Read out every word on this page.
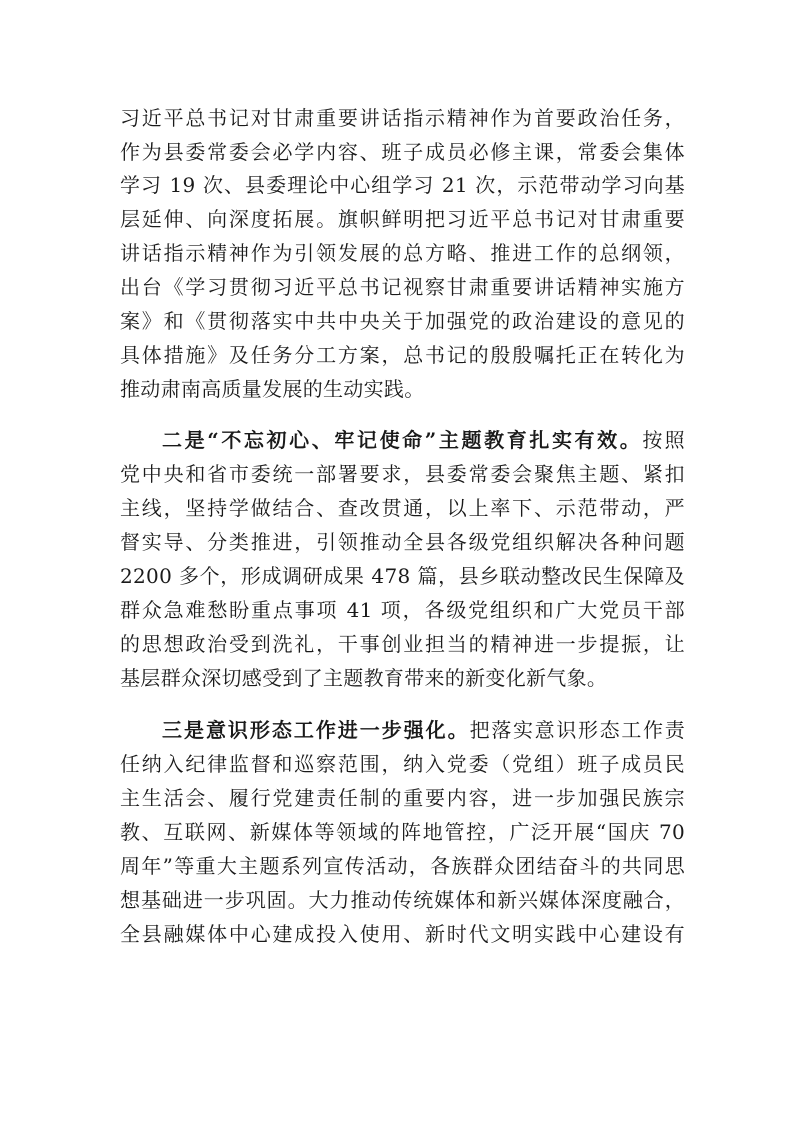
习近平总书记对甘肃重要讲话指示精神作为首要政治任务，
作为县委常委会必学内容、班子成员必修主课，常委会集体
学习 19 次、县委理论中心组学习 21 次，示范带动学习向基
层延伸、向深度拓展。旗帜鲜明把习近平总书记对甘肃重要
讲话指示精神作为引领发展的总方略、推进工作的总纲领，
出台《学习贯彻习近平总书记视察甘肃重要讲话精神实施方
案》和《贯彻落实中共中央关于加强党的政治建设的意见的
具体措施》及任务分工方案，总书记的殷殷嘱托正在转化为
推动肃南高质量发展的生动实践。
二是“不忘初心、牢记使命”主题教育扎实有效。按照
党中央和省市委统一部署要求，县委常委会聚焦主题、紧扣
主线，坚持学做结合、查改贯通，以上率下、示范带动，严
督实导、分类推进，引领推动全县各级党组织解决各种问题
2200 多个，形成调研成果 478 篇，县乡联动整改民生保障及
群众急难愁盼重点事项 41 项，各级党组织和广大党员干部
的思想政治受到洗礼，干事创业担当的精神进一步提振，让
基层群众深切感受到了主题教育带来的新变化新气象。
三是意识形态工作进一步强化。把落实意识形态工作责
任纳入纪律监督和巡察范围，纳入党委（党组）班子成员民
主生活会、履行党建责任制的重要内容，进一步加强民族宗
教、互联网、新媒体等领域的阵地管控，广泛开展“国庆 70
周年”等重大主题系列宣传活动，各族群众团结奋斗的共同思
想基础进一步巩固。大力推动传统媒体和新兴媒体深度融合，
全县融媒体中心建成投入使用、新时代文明实践中心建设有
